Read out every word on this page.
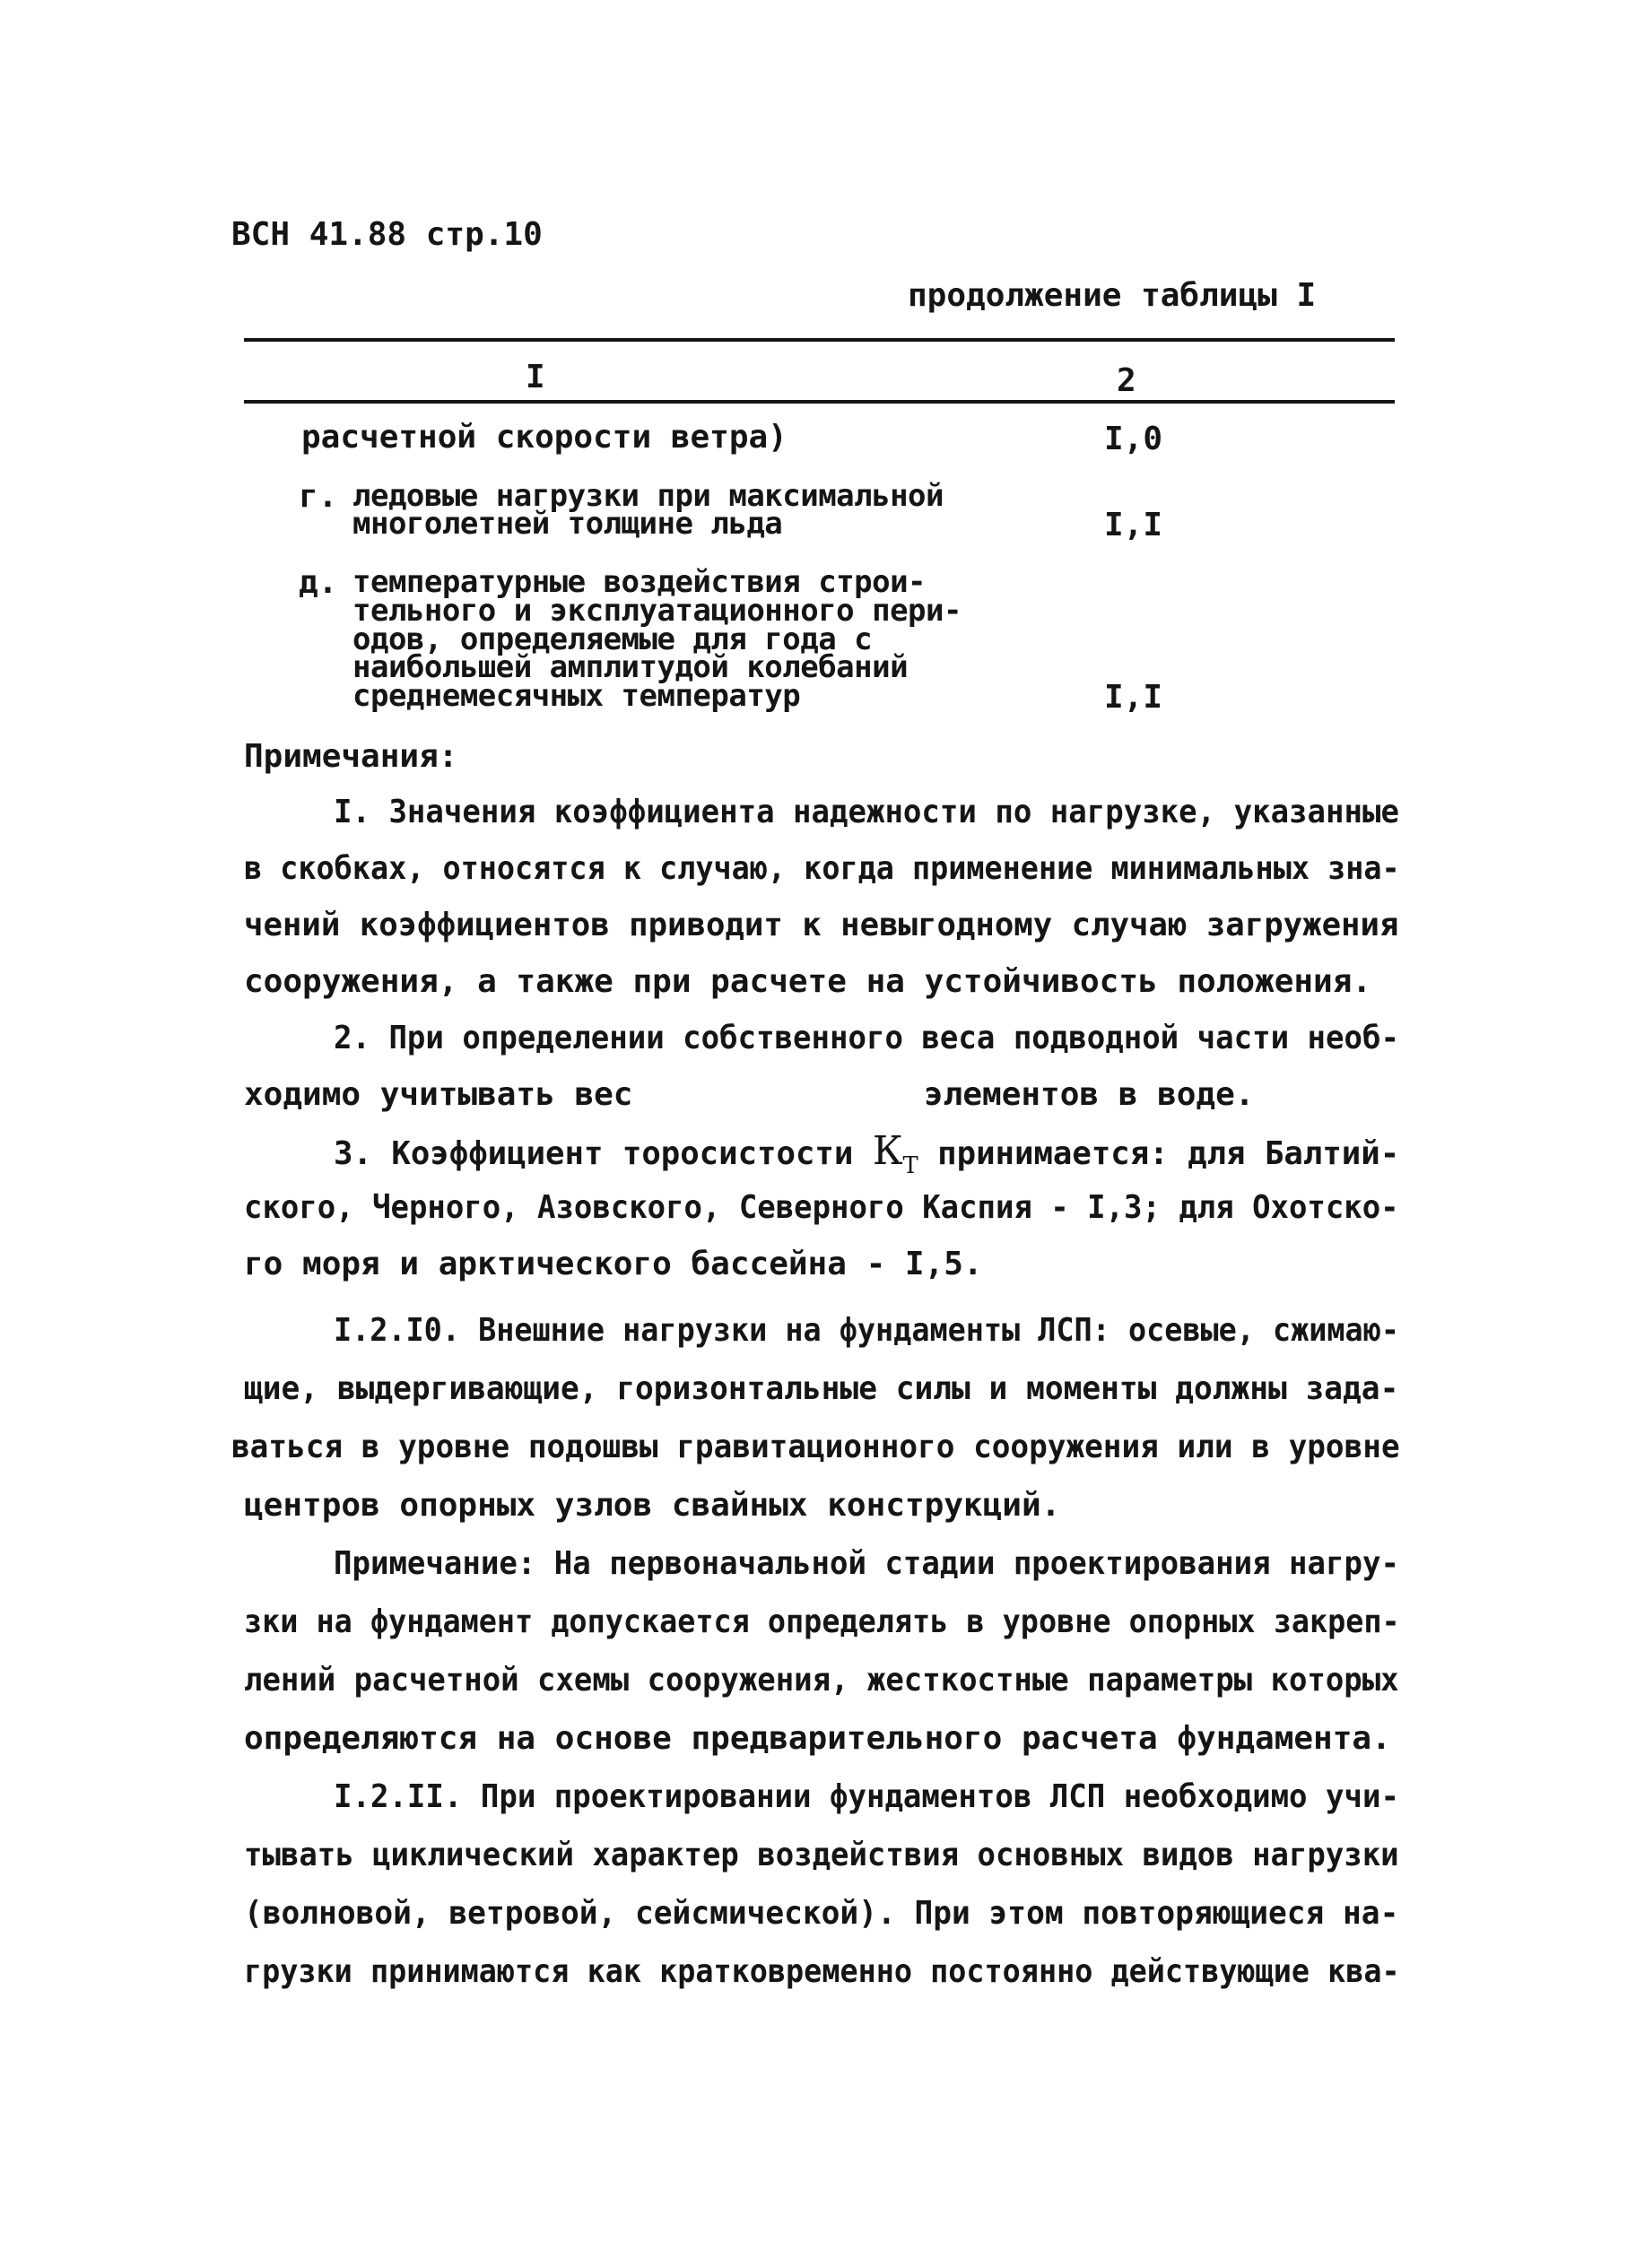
ВСН 41.88 стр.10
продолжение таблицы I
I	2
расчетной скорости ветра)	I,0
г. ледовые нагрузки при максимальной
многолетней толщине льда	I,I
д. температурные воздействия строи-
тельного и эксплуатационного пери-
одов, определяемые для года с
наибольшей амплитудой колебаний
среднемесячных температур	I,I
Примечания:
I. Значения коэффициента надежности по нагрузке, указанные
в скобках, относятся к случаю, когда применение минимальных зна-
чений коэффициентов приводит к невыгодному случаю загружения
сооружения, а также при расчете на устойчивость положения.
2. При определении собственного веса подводной части необ-
ходимо учитывать вес	элементов в воде.
3. Коэффициент торосистости $К_Т$ принимается: для Балтий-
ского, Черного, Азовского, Северного Каспия - I,3; для Охотско-
го моря и арктического бассейна - I,5.
I.2.I0. Внешние нагрузки на фундаменты ЛСП: осевые, сжимаю-
щие, выдергивающие, горизонтальные силы и моменты должны зада-
ваться в уровне подошвы гравитационного сооружения или в уровне
центров опорных узлов свайных конструкций.
Примечание: На первоначальной стадии проектирования нагру-
зки на фундамент допускается определять в уровне опорных закреп-
лений расчетной схемы сооружения, жесткостные параметры которых
определяются на основе предварительного расчета фундамента.
I.2.II. При проектировании фундаментов ЛСП необходимо учи-
тывать циклический характер воздействия основных видов нагрузки
(волновой, ветровой, сейсмической). При этом повторяющиеся на-
грузки принимаются как кратковременно постоянно действующие ква-
